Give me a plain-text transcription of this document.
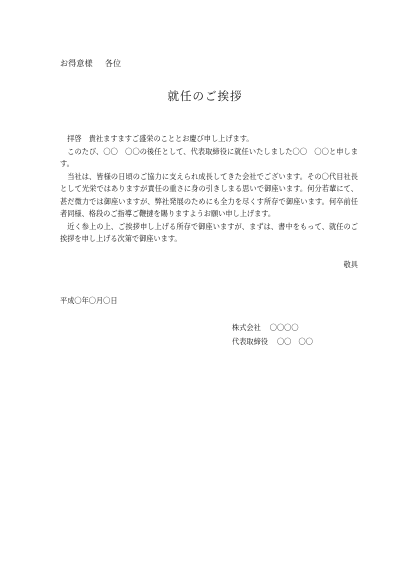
お得意様 各位
就任のご挨拶

拝啓　貴社ますますご盛栄のこととお慶び申し上げます。

このたび、〇〇　〇〇の後任として、代表取締役に就任いたしました〇〇　〇〇と申します。

当社は、皆様の日頃のご協力に支えられ成長してきた会社でございます。その〇代目社長として光栄ではありますが責任の重さに身の引きしまる思いで御座います。何分若輩にて、甚だ微力では御座いますが、弊社発展のためにも全力を尽くす所存で御座います。何卒前任者同様、格段のご指導ご鞭撻を賜りますようお願い申し上げます。

近く参上の上、ご挨拶申し上げる所存で御座いますが、まずは、書中をもって、就任のご挨拶を申し上げる次第で御座います。

敬具
平成〇年〇月〇日
株式会社 〇〇〇〇
代表取締役 〇〇　〇〇
